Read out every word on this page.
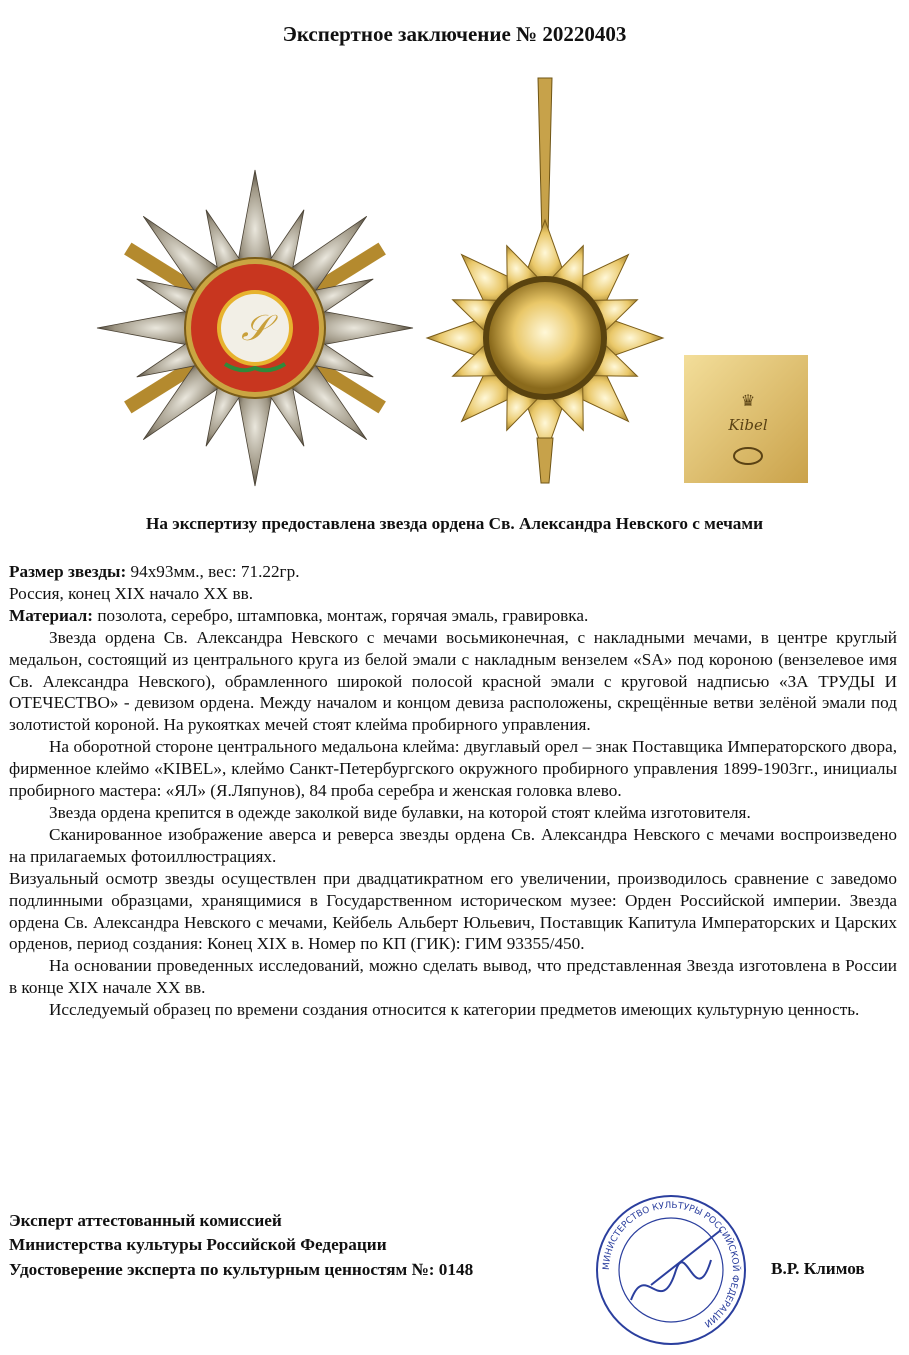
Экспертное заключение № 20220403
𝒮
♛
Kibel
На экспертизу предоставлена звезда ордена Св. Александра Невского с мечами

Размер звезды: 94х93мм., вес: 71.22гр.

Россия, конец XIX начало XX вв.

Материал: позолота, серебро, штамповка, монтаж, горячая эмаль, гравировка.

Звезда ордена Св. Александра Невского с мечами восьмиконечная, с накладными мечами, в центре круглый медальон, состоящий из центрального круга из белой эмали с накладным вензелем «SA» под короною (вензелевое имя Св. Александра Невского), обрамленного широкой полосой красной эмали с круговой надписью «ЗА ТРУДЫ И ОТЕЧЕСТВО» - девизом ордена. Между началом и концом девиза расположены, скрещённые ветви зелёной эмали под золотистой короной. На рукоятках мечей стоят клейма пробирного управления.

На оборотной стороне центрального медальона клейма: двуглавый орел – знак Поставщика Императорского двора, фирменное клеймо «KIBEL», клеймо Санкт-Петербургского окружного пробирного управления 1899-1903гг., инициалы пробирного мастера: «ЯЛ» (Я.Ляпунов), 84 проба серебра и женская головка влево.

Звезда ордена крепится в одежде заколкой виде булавки, на которой стоят клейма изготовителя.

Сканированное изображение аверса и реверса звезды ордена Св. Александра Невского с мечами воспроизведено на прилагаемых фотоиллюстрациях.

Визуальный осмотр звезды осуществлен при двадцатикратном его увеличении, производилось сравнение с заведомо подлинными образцами, хранящимися в Государственном историческом музее: Орден Российской империи. Звезда ордена Св. Александра Невского с мечами, Кейбель Альберт Юльевич, Поставщик Капитула Императорских и Царских орденов, период создания: Конец XIX в. Номер по КП (ГИК): ГИМ 93355/450.

На основании проведенных исследований, можно сделать вывод, что представленная Звезда изготовлена в России в конце XIX начале XX вв.

Исследуемый образец по времени создания относится к категории предметов имеющих культурную ценность.

Эксперт аттестованный комиссией
Министерства культуры Российской Федерации
Удостоверение эксперта по культурным ценностям №: 0148	МИНИСТЕРСТВО КУЛЬТУРЫ РОССИЙСКОЙ ФЕДЕРАЦИИ
В.Р. Климов
